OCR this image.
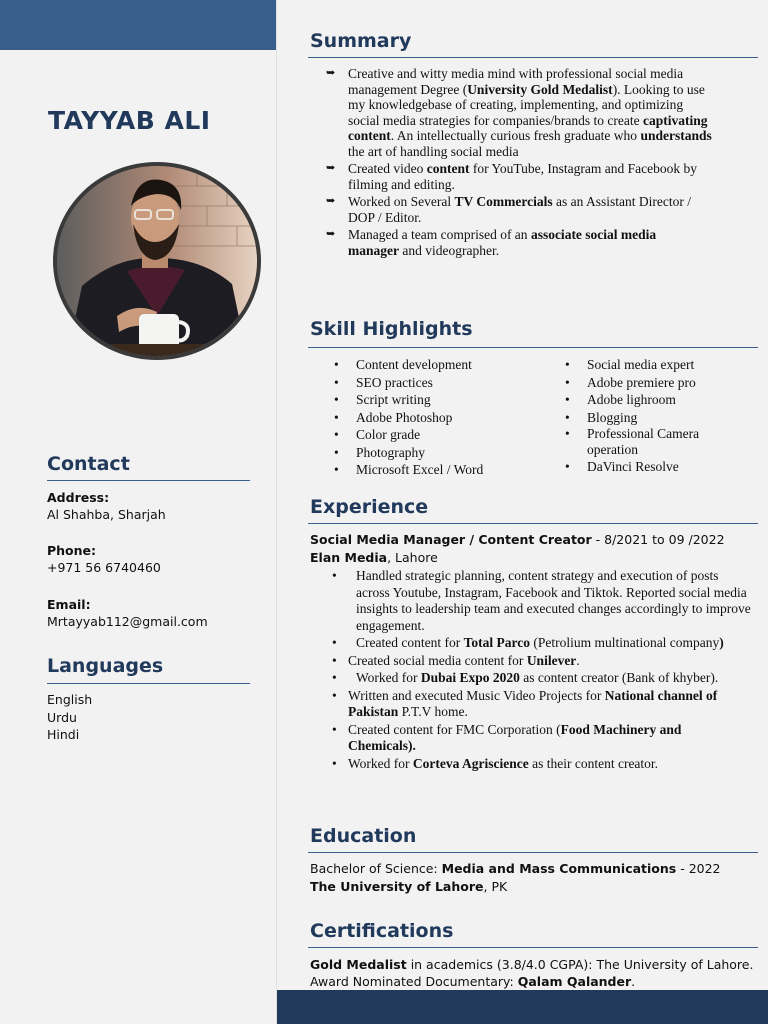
TAYYAB ALI
Contact
Address:
Al Shahba, Sharjah
Phone:
+971 56 6740460
Email:
Mrtayyab112@gmail.com
Languages
English
Urdu
Hindi
Summary
➥ Creative and witty media mind with professional social media management Degree (University Gold Medalist). Looking to use my knowledgebase of creating, implementing, and optimizing social media strategies for companies/brands to create captivating content. An intellectually curious fresh graduate who understands the art of handling social media
➥ Created video content for YouTube, Instagram and Facebook by filming and editing.
➥ Worked on Several TV Commercials as an Assistant Director / DOP / Editor.
➥ Managed a team comprised of an associate social media manager and videographer.
Skill Highlights
• Content development
• SEO practices
• Script writing
• Adobe Photoshop
• Color grade
• Photography
• Microsoft Excel / Word
• Social media expert
• Adobe premiere pro
• Adobe lighroom
• Blogging
• Professional Camera operation
• DaVinci Resolve
Experience
Social Media Manager / Content Creator - 8/2021 to 09 /2022
Elan Media, Lahore
• Handled strategic planning, content strategy and execution of posts across Youtube, Instagram, Facebook and Tiktok. Reported social media insights to leadership team and executed changes accordingly to improve engagement.
• Created content for Total Parco (Petrolium multinational company)
• Created social media content for Unilever.
• Worked for Dubai Expo 2020 as content creator (Bank of khyber).
• Written and executed Music Video Projects for National channel of Pakistan P.T.V home.
• Created content for FMC Corporation (Food Machinery and Chemicals).
• Worked for Corteva Agriscience as their content creator.
Education
Bachelor of Science: Media and Mass Communications - 2022
The University of Lahore, PK
Certifications
Gold Medalist in academics (3.8/4.0 CGPA): The University of Lahore.
Award Nominated Documentary: Qalam Qalander.
